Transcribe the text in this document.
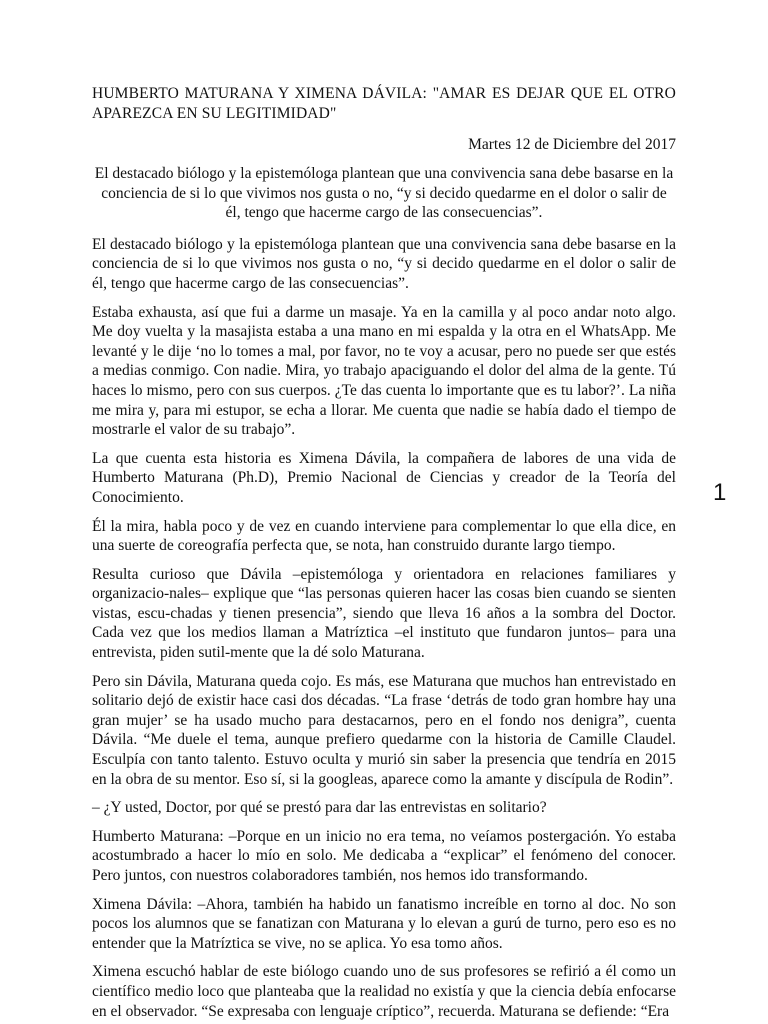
HUMBERTO MATURANA Y XIMENA DÁVILA: "AMAR ES DEJAR QUE EL OTRO APAREZCA EN SU LEGITIMIDAD"

Martes 12 de Diciembre del 2017

El destacado biólogo y la epistemóloga plantean que una convivencia sana debe basarse en la conciencia de si lo que vivimos nos gusta o no, “y si decido quedarme en el dolor o salir de él, tengo que hacerme cargo de las consecuencias”.

El destacado biólogo y la epistemóloga plantean que una convivencia sana debe basarse en la conciencia de si lo que vivimos nos gusta o no, “y si decido quedarme en el dolor o salir de él, tengo que hacerme cargo de las consecuencias”.

Estaba exhausta, así que fui a darme un masaje. Ya en la camilla y al poco andar noto algo. Me doy vuelta y la masajista estaba a una mano en mi espalda y la otra en el WhatsApp. Me levanté y le dije ‘no lo tomes a mal, por favor, no te voy a acusar, pero no puede ser que estés a medias conmigo. Con nadie. Mira, yo trabajo apaciguando el dolor del alma de la gente. Tú haces lo mismo, pero con sus cuerpos. ¿Te das cuenta lo importante que es tu labor?’. La niña me mira y, para mi estupor, se echa a llorar. Me cuenta que nadie se había dado el tiempo de mostrarle el valor de su trabajo”.

La que cuenta esta historia es Ximena Dávila, la compañera de labores de una vida de Humberto Maturana (Ph.D), Premio Nacional de Ciencias y creador de la Teoría del Conocimiento.

Él la mira, habla poco y de vez en cuando interviene para complementar lo que ella dice, en una suerte de coreografía perfecta que, se nota, han construido durante largo tiempo.

Resulta curioso que Dávila –epistemóloga y orientadora en relaciones familiares y organizacio-nales– explique que “las personas quieren hacer las cosas bien cuando se sienten vistas, escu-chadas y tienen presencia”, siendo que lleva 16 años a la sombra del Doctor. Cada vez que los medios llaman a Matríztica –el instituto que fundaron juntos– para una entrevista, piden sutil-mente que la dé solo Maturana.

Pero sin Dávila, Maturana queda cojo. Es más, ese Maturana que muchos han entrevistado en solitario dejó de existir hace casi dos décadas. “La frase ‘detrás de todo gran hombre hay una gran mujer’ se ha usado mucho para destacarnos, pero en el fondo nos denigra”, cuenta Dávila. “Me duele el tema, aunque prefiero quedarme con la historia de Camille Claudel. Esculpía con tanto talento. Estuvo oculta y murió sin saber la presencia que tendría en 2015 en la obra de su mentor. Eso sí, si la googleas, aparece como la amante y discípula de Rodin”.

– ¿Y usted, Doctor, por qué se prestó para dar las entrevistas en solitario?

Humberto Maturana: –Porque en un inicio no era tema, no veíamos postergación. Yo estaba acostumbrado a hacer lo mío en solo. Me dedicaba a “explicar” el fenómeno del conocer. Pero juntos, con nuestros colaboradores también, nos hemos ido transformando.

Ximena Dávila: –Ahora, también ha habido un fanatismo increíble en torno al doc. No son pocos los alumnos que se fanatizan con Maturana y lo elevan a gurú de turno, pero eso es no entender que la Matríztica se vive, no se aplica. Yo esa tomo años.

Ximena escuchó hablar de este biólogo cuando uno de sus profesores se refirió a él como un científico medio loco que planteaba que la realidad no existía y que la ciencia debía enfocarse en el observador. “Se expresaba con lenguaje críptico”, recuerda. Maturana se defiende: “Era

1
